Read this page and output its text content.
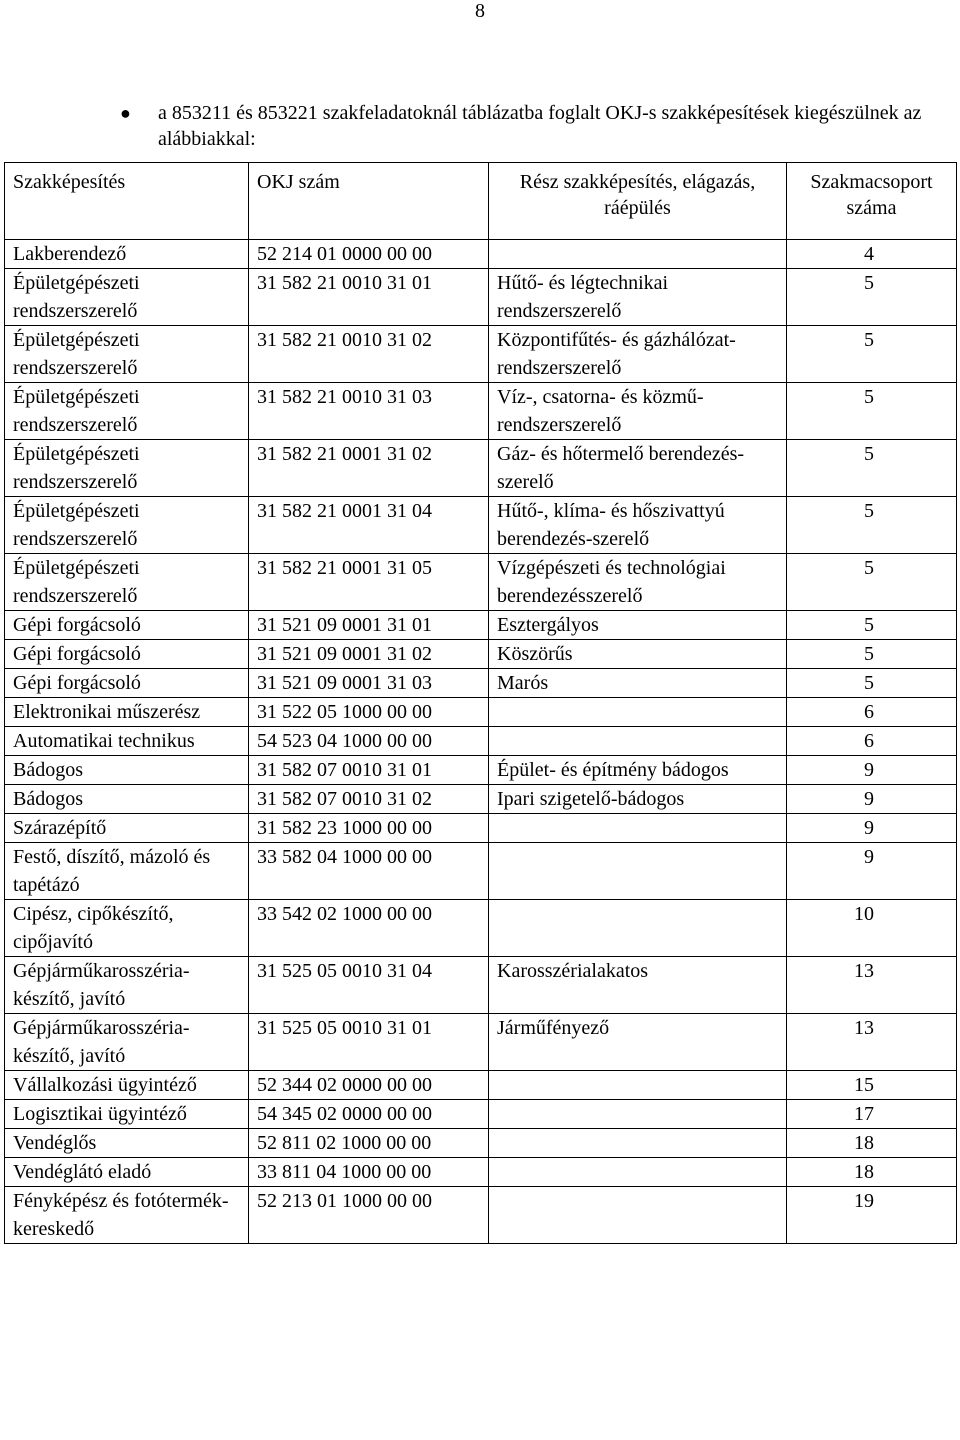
8
●	a 853211 és 853221 szakfeladatoknál táblázatba foglalt OKJ-s szakképesítések kiegészülnek az alábbiakkal:
Szakképesítés	OKJ szám	Rész szakképesítés, elágazás, ráépülés	Szakmacsoport száma
Lakberendező	52 214 01 0000 00 00		4
Épületgépészeti rendszerszerelő	31 582 21 0010 31 01	Hűtő- és légtechnikai rendszerszerelő	5
Épületgépészeti rendszerszerelő	31 582 21 0010 31 02	Központifűtés- és gázhálózat-rendszerszerelő	5
Épületgépészeti rendszerszerelő	31 582 21 0010 31 03	Víz-, csatorna- és közmű-rendszerszerelő	5
Épületgépészeti rendszerszerelő	31 582 21 0001 31 02	Gáz- és hőtermelő berendezés-szerelő	5
Épületgépészeti rendszerszerelő	31 582 21 0001 31 04	Hűtő-, klíma- és hőszivattyú berendezés-szerelő	5
Épületgépészeti rendszerszerelő	31 582 21 0001 31 05	Vízgépészeti és technológiai berendezésszerelő	5
Gépi forgácsoló	31 521 09 0001 31 01	Esztergályos	5
Gépi forgácsoló	31 521 09 0001 31 02	Köszörűs	5
Gépi forgácsoló	31 521 09 0001 31 03	Marós	5
Elektronikai műszerész	31 522 05 1000 00 00		6
Automatikai technikus	54 523 04 1000 00 00		6
Bádogos	31 582 07 0010 31 01	Épület- és építmény bádogos	9
Bádogos	31 582 07 0010 31 02	Ipari szigetelő-bádogos	9
Szárazépítő	31 582 23 1000 00 00		9
Festő, díszítő, mázoló és tapétázó	33 582 04 1000 00 00		9
Cipész, cipőkészítő, cipőjavító	33 542 02 1000 00 00		10
Gépjárműkarosszéria-készítő, javító	31 525 05 0010 31 04	Karosszérialakatos	13
Gépjárműkarosszéria-készítő, javító	31 525 05 0010 31 01	Járműfényező	13
Vállalkozási ügyintéző	52 344 02 0000 00 00		15
Logisztikai ügyintéző	54 345 02 0000 00 00		17
Vendéglős	52 811 02 1000 00 00		18
Vendéglátó eladó	33 811 04 1000 00 00		18
Fényképész és fotótermék-kereskedő	52 213 01 1000 00 00		19
